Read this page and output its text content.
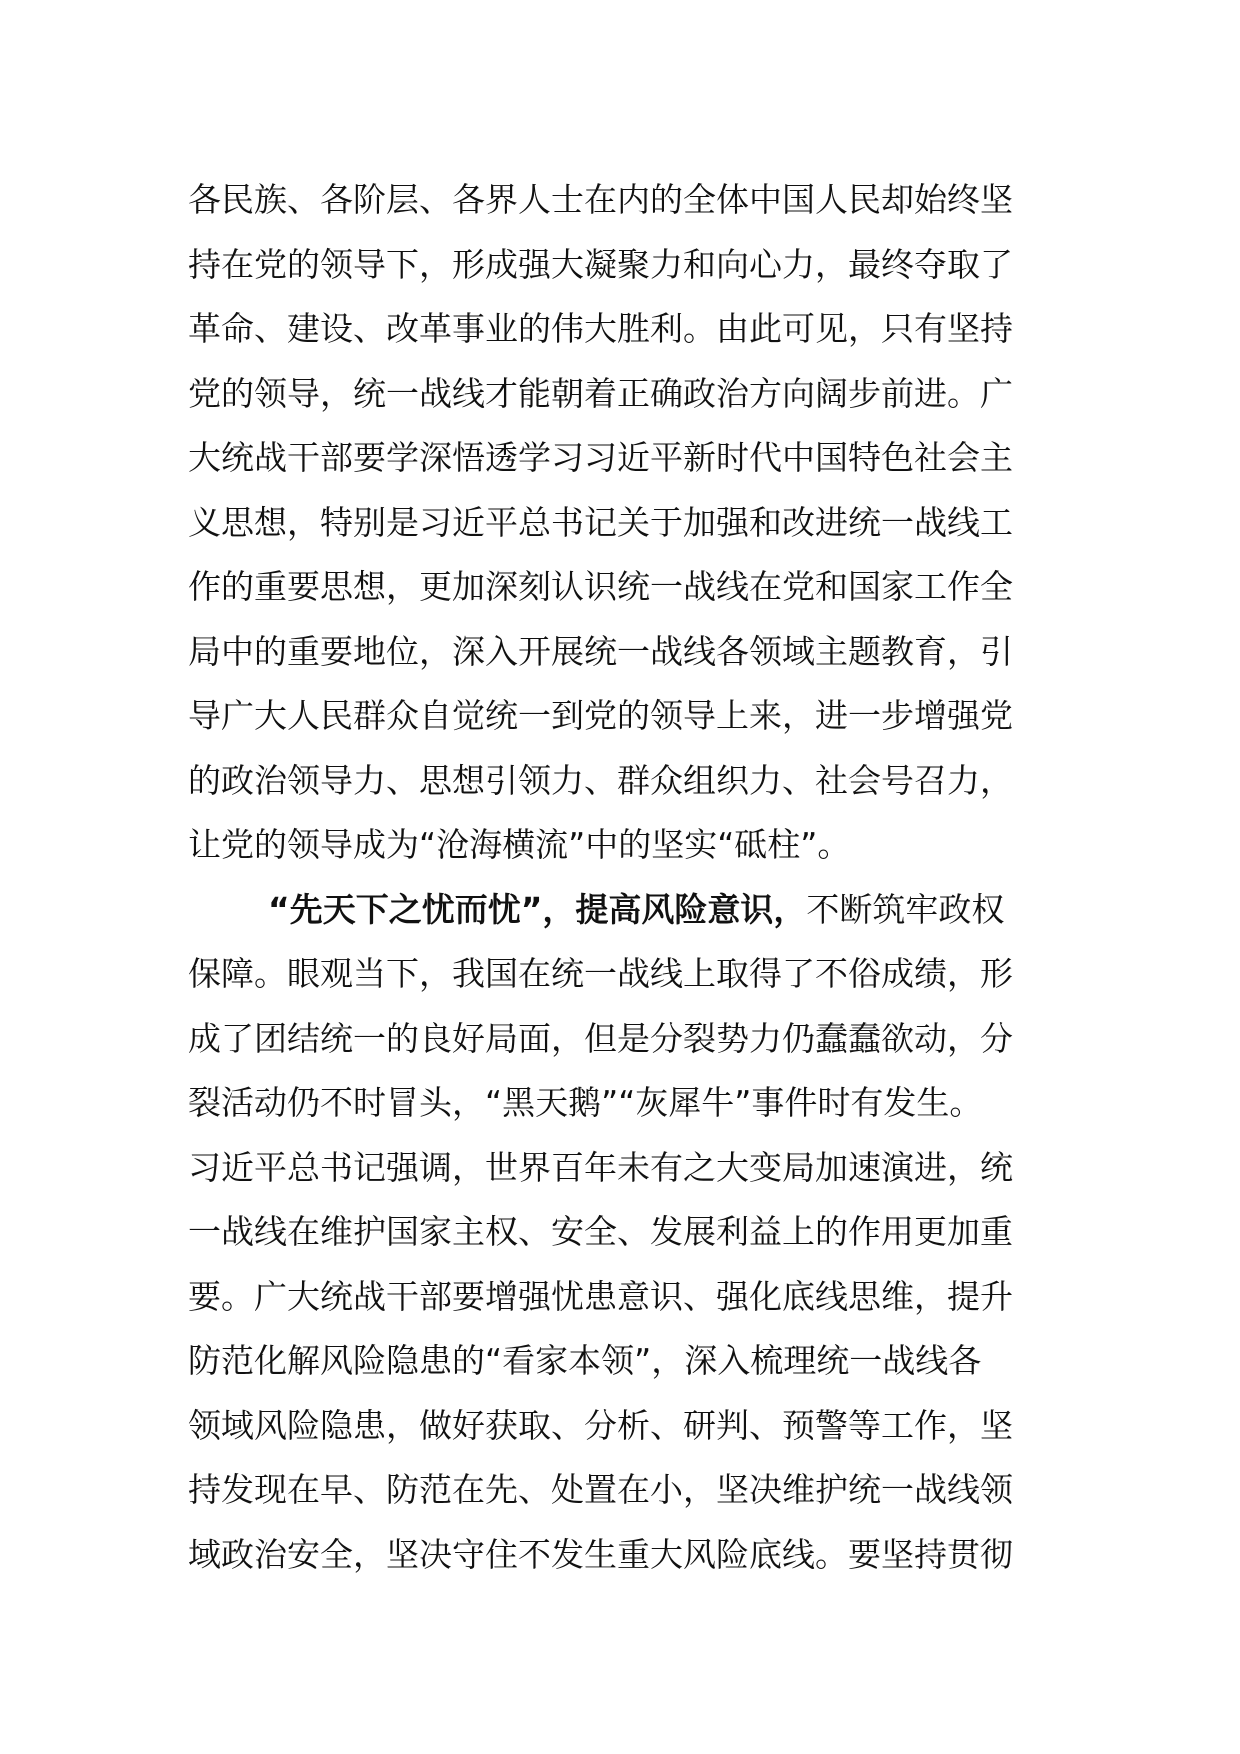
各民族、各阶层、各界人士在内的全体中国人民却始终坚
持在党的领导下，形成强大凝聚力和向心力，最终夺取了
革命、建设、改革事业的伟大胜利。由此可见，只有坚持
党的领导，统一战线才能朝着正确政治方向阔步前进。广
大统战干部要学深悟透学习习近平新时代中国特色社会主
义思想，特别是习近平总书记关于加强和改进统一战线工
作的重要思想，更加深刻认识统一战线在党和国家工作全
局中的重要地位，深入开展统一战线各领域主题教育，引
导广大人民群众自觉统一到党的领导上来，进一步增强党
的政治领导力、思想引领力、群众组织力、社会号召力，
让党的领导成为“沧海横流”中的坚实“砥柱”。
“先天下之忧而忧”，提高风险意识，不断筑牢政权
保障。眼观当下，我国在统一战线上取得了不俗成绩，形
成了团结统一的良好局面，但是分裂势力仍蠢蠢欲动，分
裂活动仍不时冒头，“黑天鹅”“灰犀牛”事件时有发生。
习近平总书记强调，世界百年未有之大变局加速演进，统
一战线在维护国家主权、安全、发展利益上的作用更加重
要。广大统战干部要增强忧患意识、强化底线思维，提升
防范化解风险隐患的“看家本领”，深入梳理统一战线各
领域风险隐患，做好获取、分析、研判、预警等工作，坚
持发现在早、防范在先、处置在小，坚决维护统一战线领
域政治安全，坚决守住不发生重大风险底线。要坚持贯彻
